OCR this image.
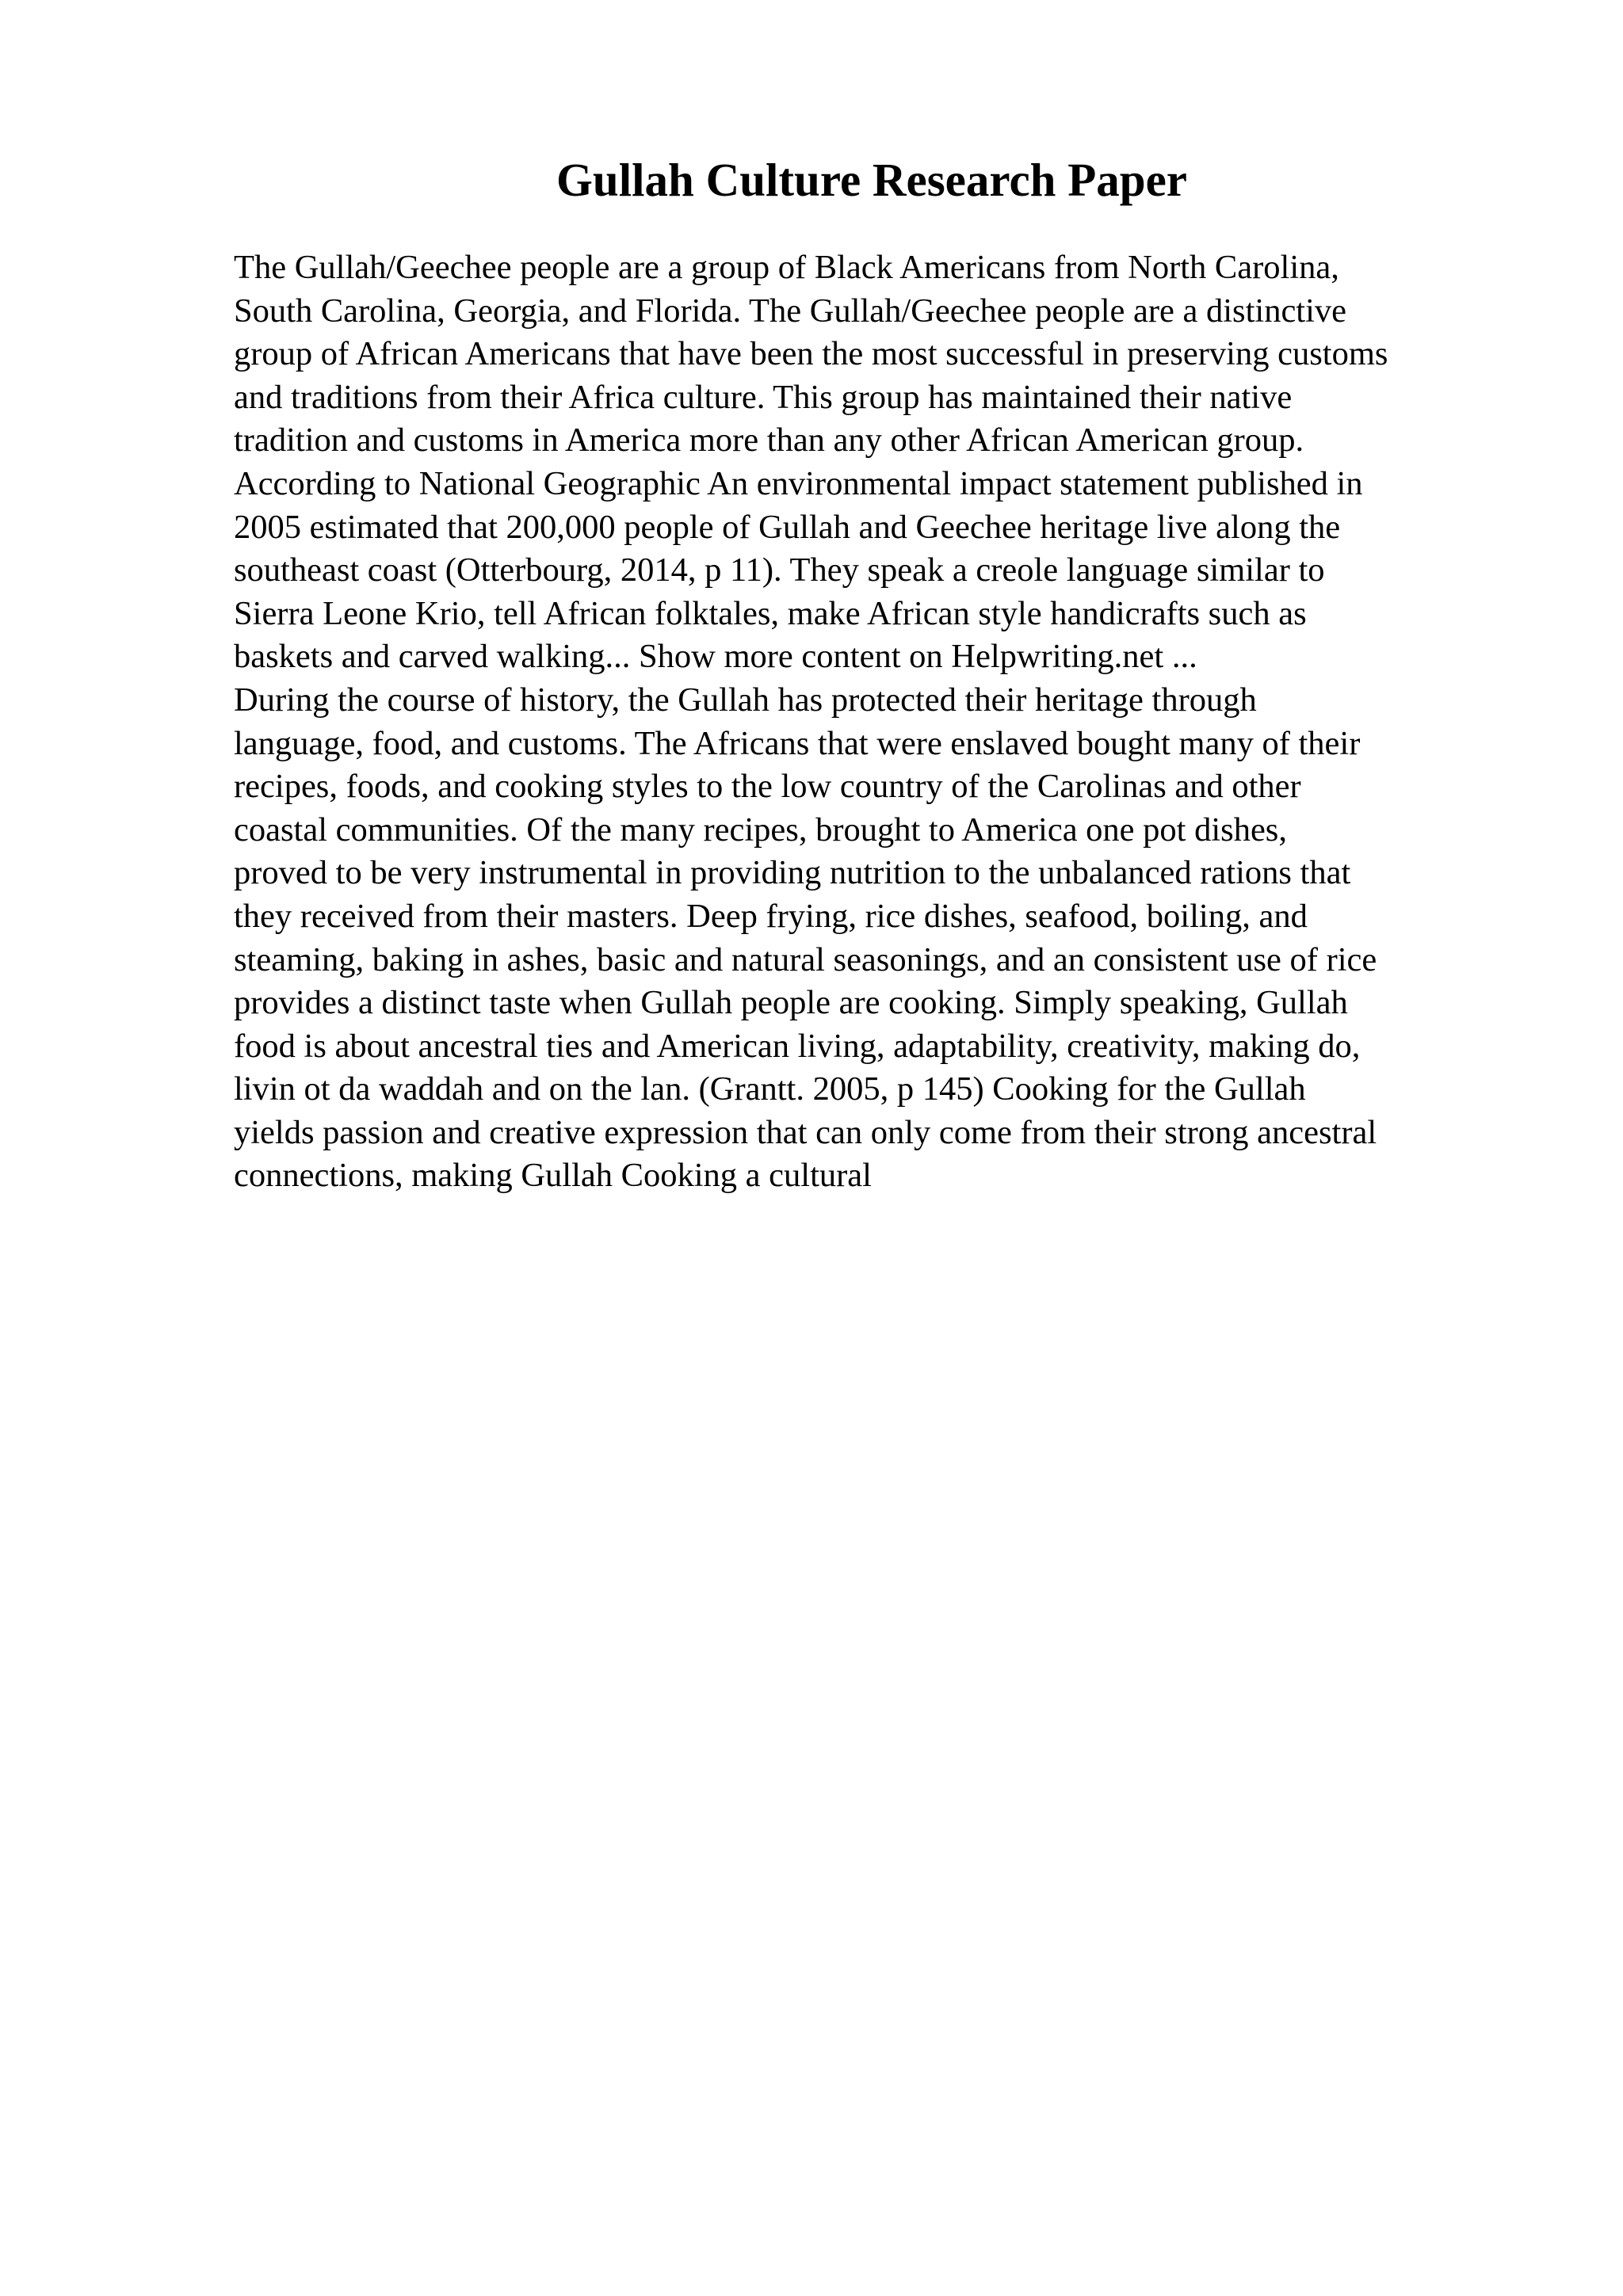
Gullah Culture Research Paper
The Gullah/Geechee people are a group of Black Americans from North Carolina,
South Carolina, Georgia, and Florida. The Gullah/Geechee people are a distinctive
group of African Americans that have been the most successful in preserving customs
and traditions from their Africa culture. This group has maintained their native
tradition and customs in America more than any other African American group.
According to National Geographic An environmental impact statement published in
2005 estimated that 200,000 people of Gullah and Geechee heritage live along the
southeast coast (Otterbourg, 2014, p 11). They speak a creole language similar to
Sierra Leone Krio, tell African folktales, make African style handicrafts such as
baskets and carved walking... Show more content on Helpwriting.net ...
During the course of history, the Gullah has protected their heritage through
language, food, and customs. The Africans that were enslaved bought many of their
recipes, foods, and cooking styles to the low country of the Carolinas and other
coastal communities. Of the many recipes, brought to America one pot dishes,
proved to be very instrumental in providing nutrition to the unbalanced rations that
they received from their masters. Deep frying, rice dishes, seafood, boiling, and
steaming, baking in ashes, basic and natural seasonings, and an consistent use of rice
provides a distinct taste when Gullah people are cooking. Simply speaking, Gullah
food is about ancestral ties and American living, adaptability, creativity, making do,
livin ot da waddah and on the lan. (Grantt. 2005, p 145) Cooking for the Gullah
yields passion and creative expression that can only come from their strong ancestral
connections, making Gullah Cooking a cultural
